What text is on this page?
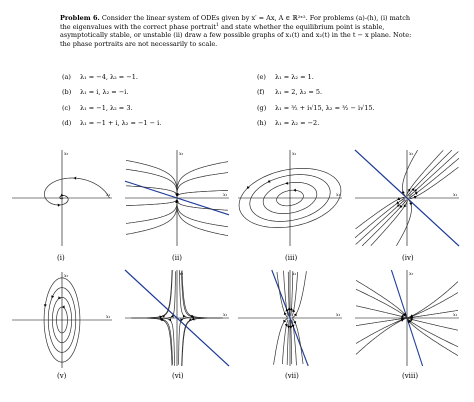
Problem 6. Consider the linear system of ODEs given by x′ = Ax, A ∈ ℝ²ˣ². For problems (a)-(h), (i) match the eigenvalues with the correct phase portrait$^1$ and state whether the equilibrium point is stable, asymptotically stable, or unstable (ii) draw a few possible graphs of x₁(t) and x₂(t) in the t − x plane. Note: the phase portraits are not necessarily to scale.
(a) λ₁ = −4, λ₂ = −1.
(b) λ₁ = i, λ₂ = −i.
(c) λ₁ = −1, λ₂ = 3.
(d) λ₁ = −1 + i, λ₂ = −1 − i.
(e) λ₁ = λ₂ = 1.
(f) λ₁ = 2, λ₂ = 5.
(g) λ₁ = ³⁄₂ + i√15, λ₂ = ³⁄₂ − i√15.
(h) λ₁ = λ₂ = −2.
x₁
x₂
(i)
x₁
x₂
(ii)
x₁
x₂
(iii)
x₁
x₂
(iv)
x₁
x₂
(v)
x₁
x₂
(vi)
x₁
x₂
(vii)
x₁
x₂
(viii)
